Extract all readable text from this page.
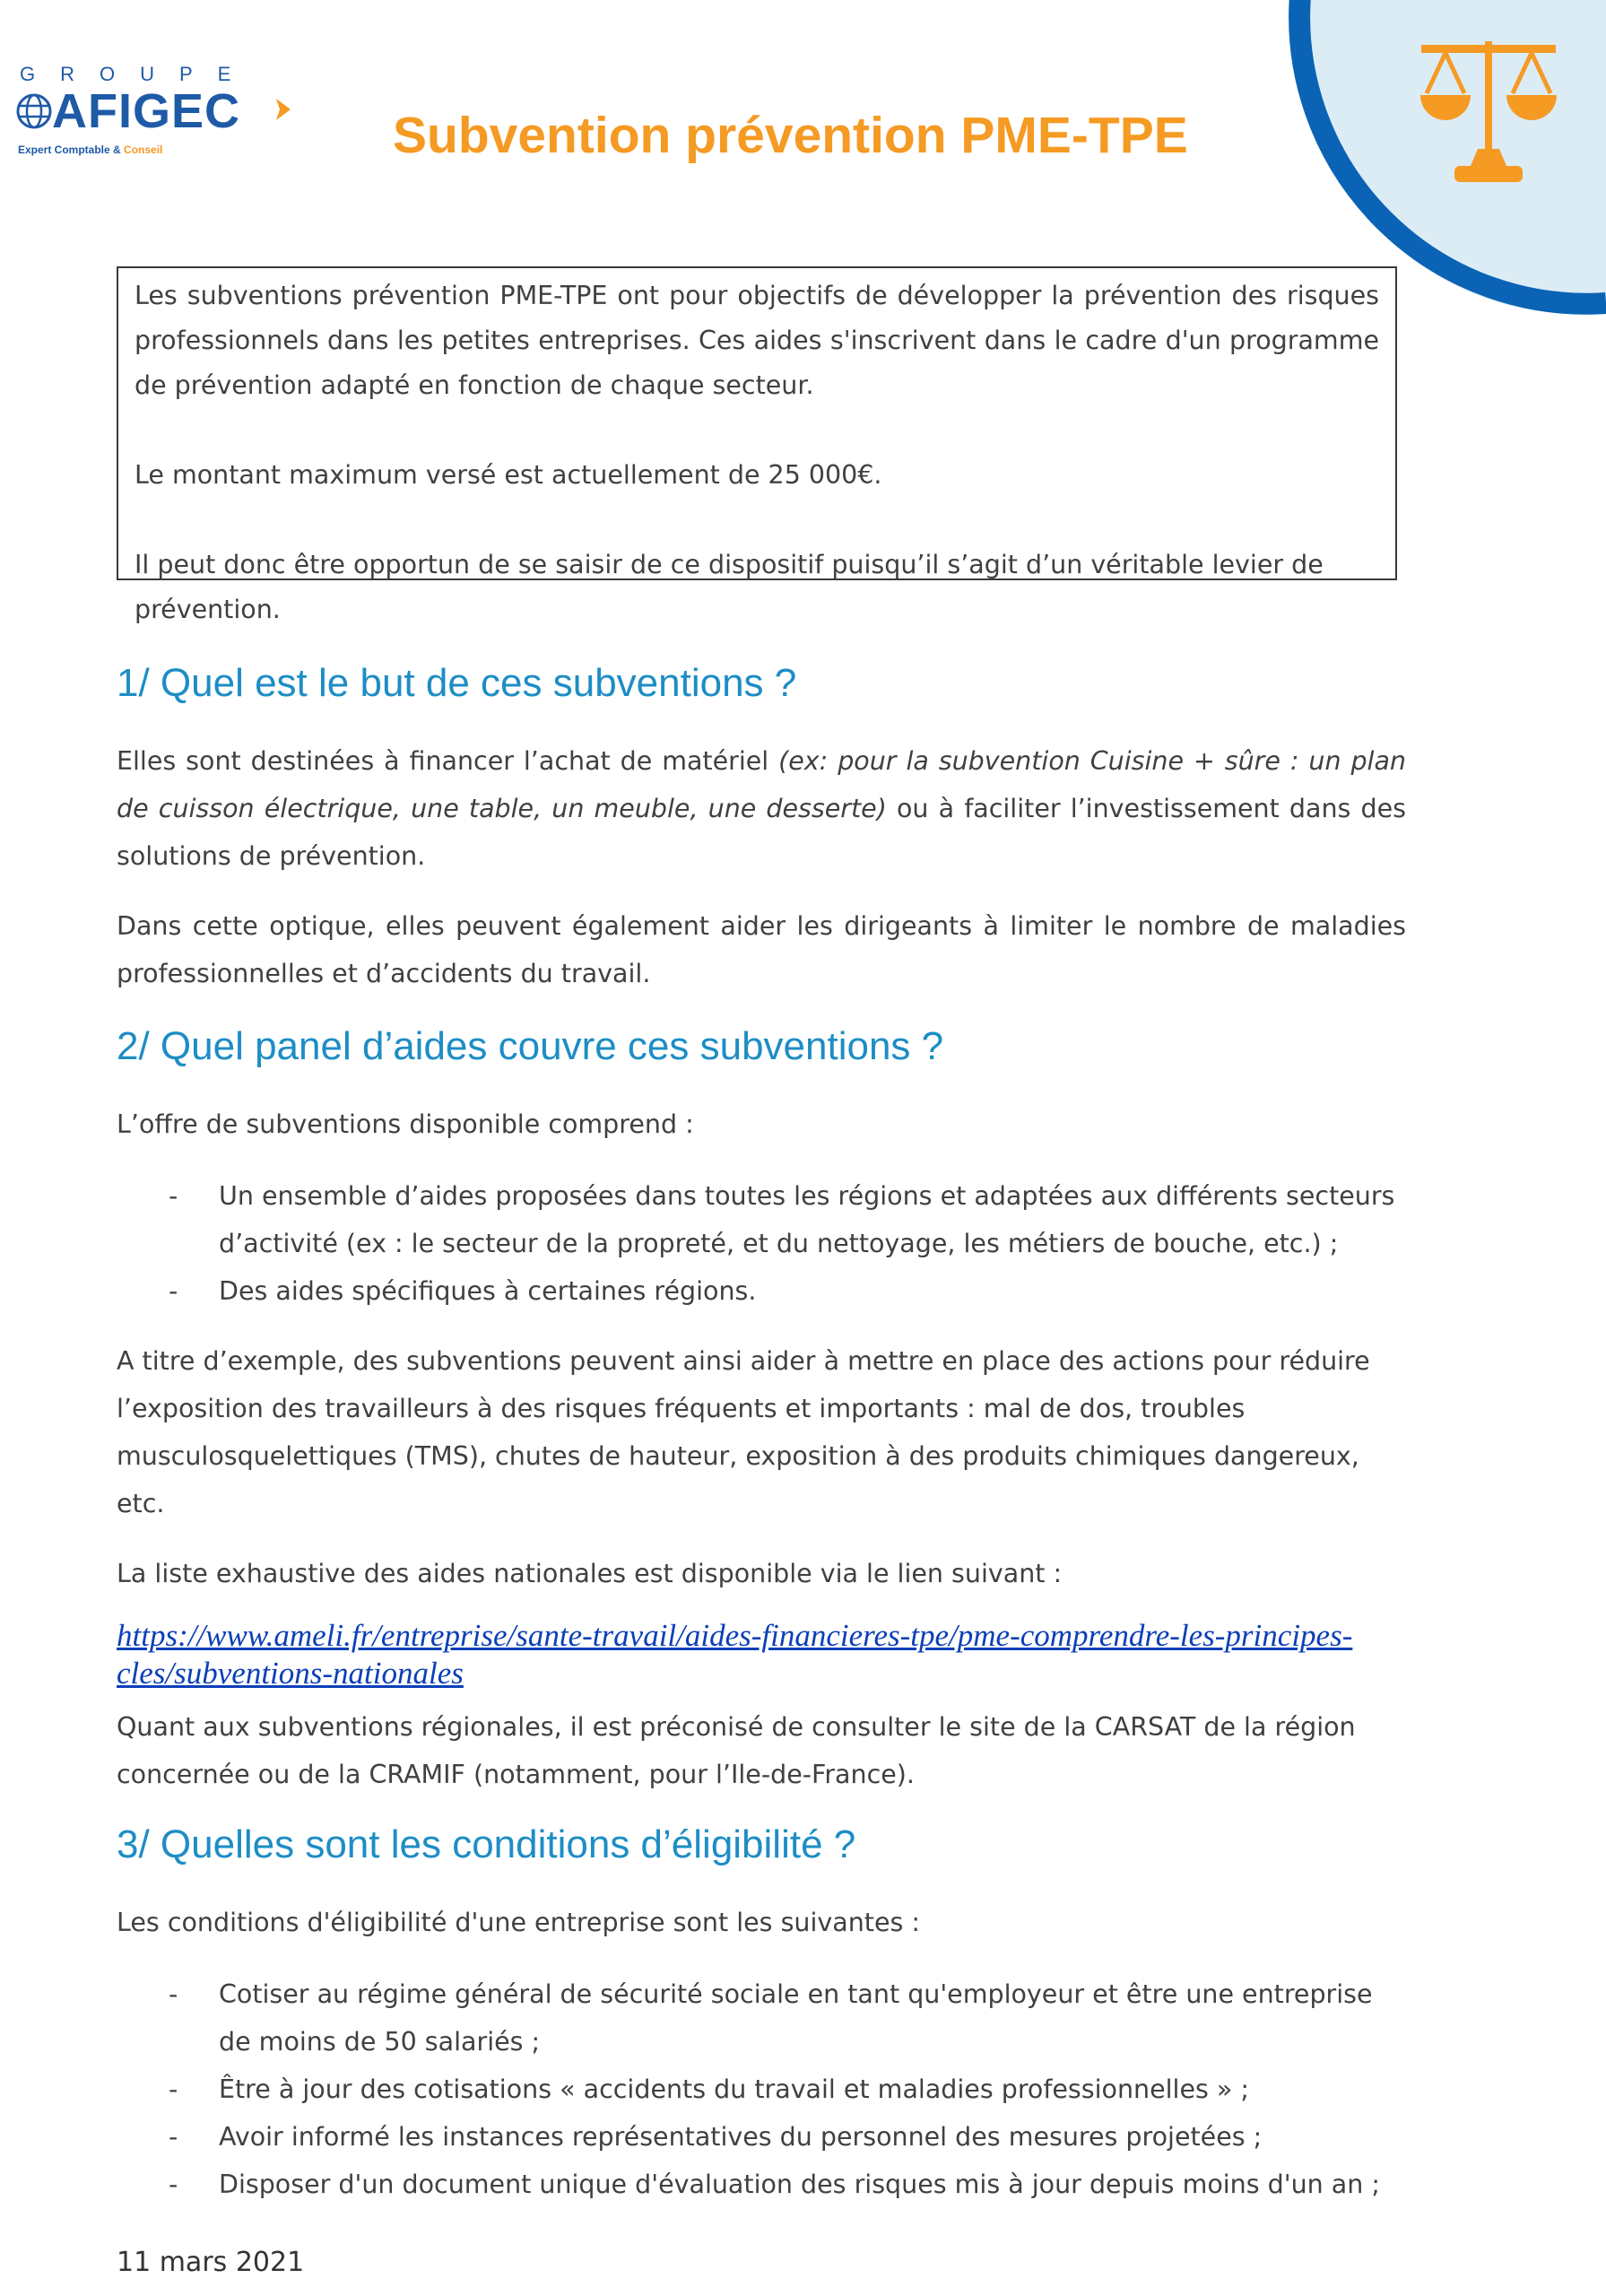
GROUPE

AFIGEC

Expert Comptable & Conseil	Subvention prévention PME-TPE

Les subventions prévention PME-TPE ont pour objectifs de développer la prévention des risques professionnels dans les petites entreprises. Ces aides s'inscrivent dans le cadre d'un programme de prévention adapté en fonction de chaque secteur.

Le montant maximum versé est actuellement de 25 000€.

Il peut donc être opportun de se saisir de ce dispositif puisqu’il s’agit d’un véritable levier de prévention.

1/ Quel est le but de ces subventions ?

Elles sont destinées à financer l’achat de matériel (ex: pour la subvention Cuisine + sûre : un plan de cuisson électrique, une table, un meuble, une desserte) ou à faciliter l’investissement dans des solutions de prévention.

Dans cette optique, elles peuvent également aider les dirigeants à limiter le nombre de maladies professionnelles et d’accidents du travail.

2/ Quel panel d’aides couvre ces subventions ?

L’offre de subventions disponible comprend :

- Un ensemble d’aides proposées dans toutes les régions et adaptées aux différents secteurs d’activité (ex : le secteur de la propreté, et du nettoyage, les métiers de bouche, etc.) ;
- Des aides spécifiques à certaines régions.

A titre d’exemple, des subventions peuvent ainsi aider à mettre en place des actions pour réduire l’exposition des travailleurs à des risques fréquents et importants : mal de dos, troubles musculosquelettiques (TMS), chutes de hauteur, exposition à des produits chimiques dangereux, etc.

La liste exhaustive des aides nationales est disponible via le lien suivant :

https://www.ameli.fr/entreprise/sante-travail/aides-financieres-tpe/pme-comprendre-les-principes-cles/subventions-nationales

Quant aux subventions régionales, il est préconisé de consulter le site de la CARSAT de la région concernée ou de la CRAMIF (notamment, pour l’Ile-de-France).

3/ Quelles sont les conditions d’éligibilité ?

Les conditions d'éligibilité d'une entreprise sont les suivantes :

- Cotiser au régime général de sécurité sociale en tant qu'employeur et être une entreprise de moins de 50 salariés ;
- Être à jour des cotisations « accidents du travail et maladies professionnelles » ;
- Avoir informé les instances représentatives du personnel des mesures projetées ;
- Disposer d'un document unique d'évaluation des risques mis à jour depuis moins d'un an ;

11 mars 2021
